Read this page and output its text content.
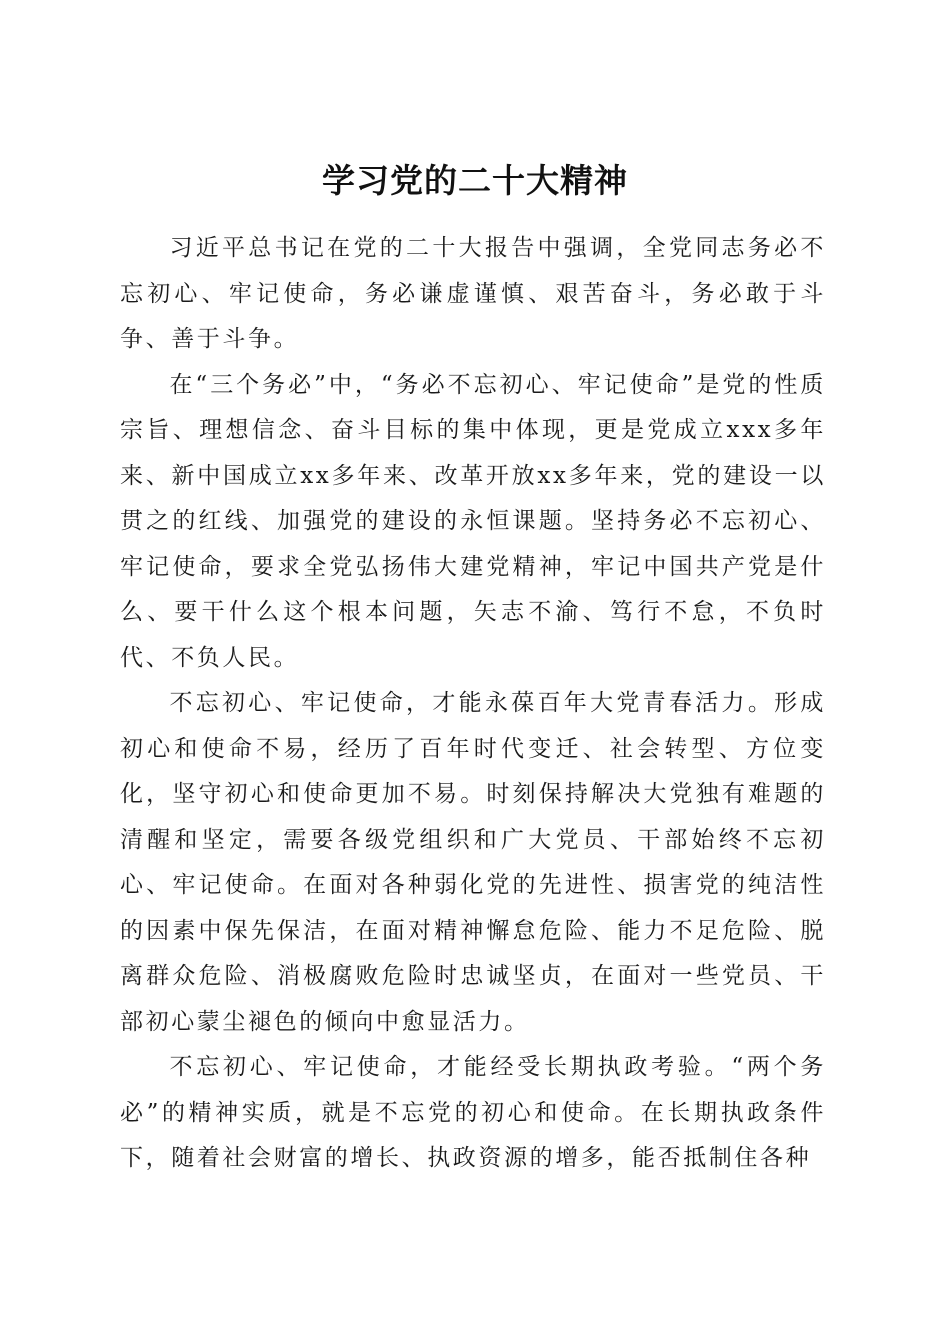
学习党的二十大精神

习近平总书记在党的二十大报告中强调，全党同志务必不忘初心、牢记使命，务必谦虚谨慎、艰苦奋斗，务必敢于斗争、善于斗争。

在“三个务必”中，“务必不忘初心、牢记使命”是党的性质宗旨、理想信念、奋斗目标的集中体现，更是党成立xxx多年来、新中国成立xx多年来、改革开放xx多年来，党的建设一以贯之的红线、加强党的建设的永恒课题。坚持务必不忘初心、牢记使命，要求全党弘扬伟大建党精神，牢记中国共产党是什么、要干什么这个根本问题，矢志不渝、笃行不怠，不负时代、不负人民。

不忘初心、牢记使命，才能永葆百年大党青春活力。形成初心和使命不易，经历了百年时代变迁、社会转型、方位变化，坚守初心和使命更加不易。时刻保持解决大党独有难题的清醒和坚定，需要各级党组织和广大党员、干部始终不忘初心、牢记使命。在面对各种弱化党的先进性、损害党的纯洁性的因素中保先保洁，在面对精神懈怠危险、能力不足危险、脱离群众危险、消极腐败危险时忠诚坚贞，在面对一些党员、干部初心蒙尘褪色的倾向中愈显活力。

不忘初心、牢记使命，才能经受长期执政考验。“两个务必”的精神实质，就是不忘党的初心和使命。在长期执政条件下，随着社会财富的增长、执政资源的增多，能否抵制住各种
